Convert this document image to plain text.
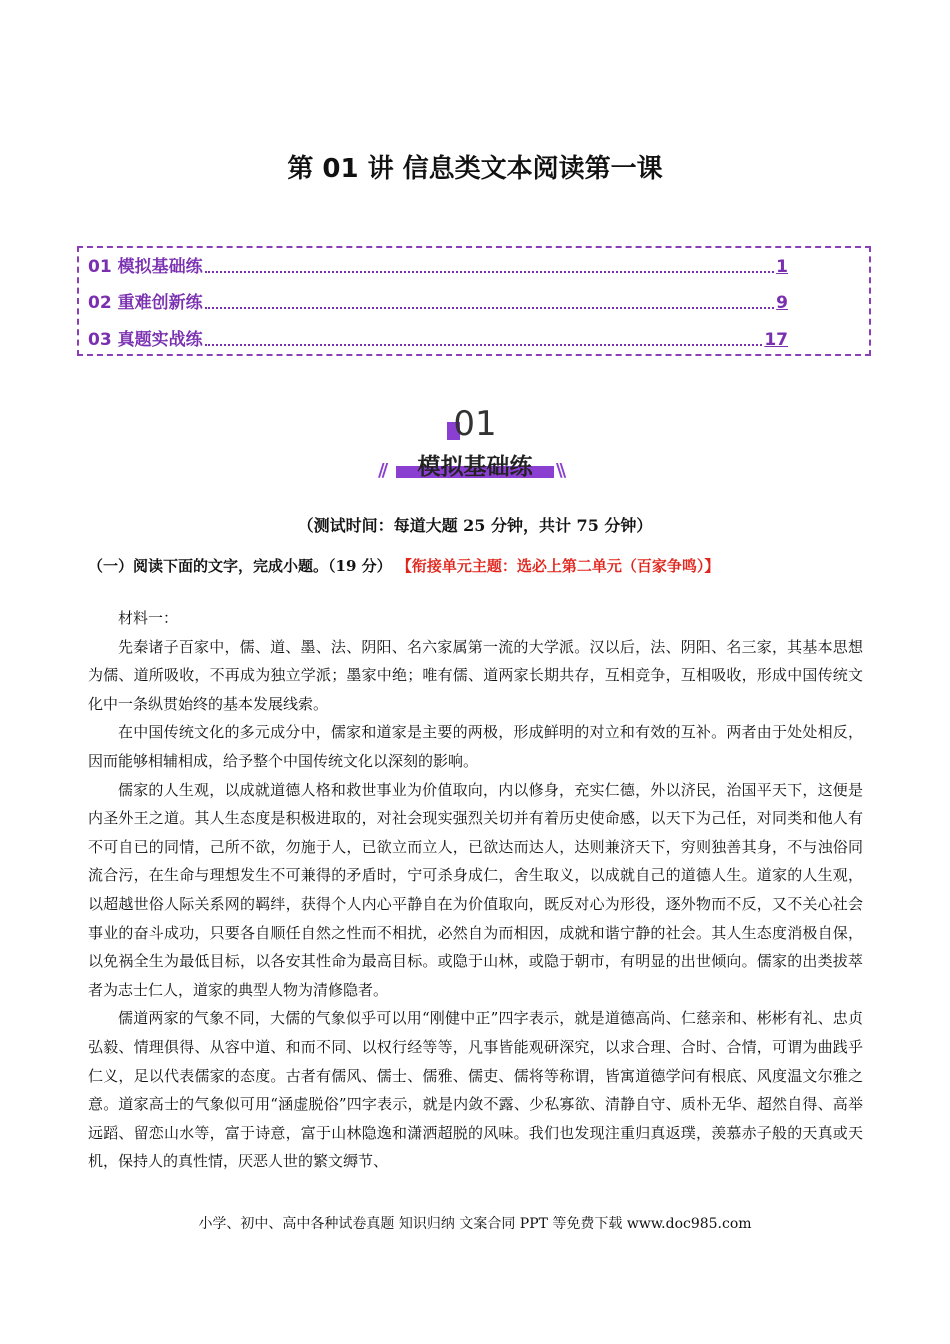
第 01 讲 信息类文本阅读第一课
01 模拟基础练	1
02 重难创新练	9
03 真题实战练	17
01
//	\\
模拟基础练
（测试时间：每道大题 25 分钟，共计 75 分钟）
（一）阅读下面的文字，完成小题。（19 分） 【衔接单元主题：选必上第二单元（百家争鸣）】

材料一：

先秦诸子百家中，儒、道、墨、法、阴阳、名六家属第一流的大学派。汉以后，法、阴阳、名三家，其基本思想为儒、道所吸收，不再成为独立学派；墨家中绝；唯有儒、道两家长期共存，互相竞争，互相吸收，形成中国传统文化中一条纵贯始终的基本发展线索。

在中国传统文化的多元成分中，儒家和道家是主要的两极，形成鲜明的对立和有效的互补。两者由于处处相反，因而能够相辅相成，给予整个中国传统文化以深刻的影响。

儒家的人生观，以成就道德人格和救世事业为价值取向，内以修身，充实仁德，外以济民，治国平天下，这便是内圣外王之道。其人生态度是积极进取的，对社会现实强烈关切并有着历史使命感，以天下为己任，对同类和他人有不可自已的同情，己所不欲，勿施于人，已欲立而立人，已欲达而达人，达则兼济天下，穷则独善其身，不与浊俗同流合污，在生命与理想发生不可兼得的矛盾时，宁可杀身成仁，舍生取义，以成就自己的道德人生。道家的人生观，以超越世俗人际关系网的羁绊，获得个人内心平静自在为价值取向，既反对心为形役，逐外物而不反，又不关心社会事业的奋斗成功，只要各自顺任自然之性而不相扰，必然自为而相因，成就和谐宁静的社会。其人生态度消极自保，以免祸全生为最低目标，以各安其性命为最高目标。或隐于山林，或隐于朝市，有明显的出世倾向。儒家的出类拔萃者为志士仁人，道家的典型人物为清修隐者。

儒道两家的气象不同，大儒的气象似乎可以用“刚健中正”四字表示，就是道德高尚、仁慈亲和、彬彬有礼、忠贞弘毅、情理俱得、从容中道、和而不同、以权行经等等，凡事皆能观研深究，以求合理、合时、合情，可谓为曲践乎仁义，足以代表儒家的态度。古者有儒风、儒士、儒雅、儒吏、儒将等称谓，皆寓道德学问有根底、风度温文尔雅之意。道家高士的气象似可用“涵虚脱俗”四字表示，就是内敛不露、少私寡欲、清静自守、质朴无华、超然自得、高举远蹈、留恋山水等，富于诗意，富于山林隐逸和潇洒超脱的风味。我们也发现注重归真返璞，羡慕赤子般的天真或天机，保持人的真性情，厌恶人世的繁文缛节、

小学、初中、高中各种试卷真题 知识归纳 文案合同 PPT 等免费下载 www.doc985.com
